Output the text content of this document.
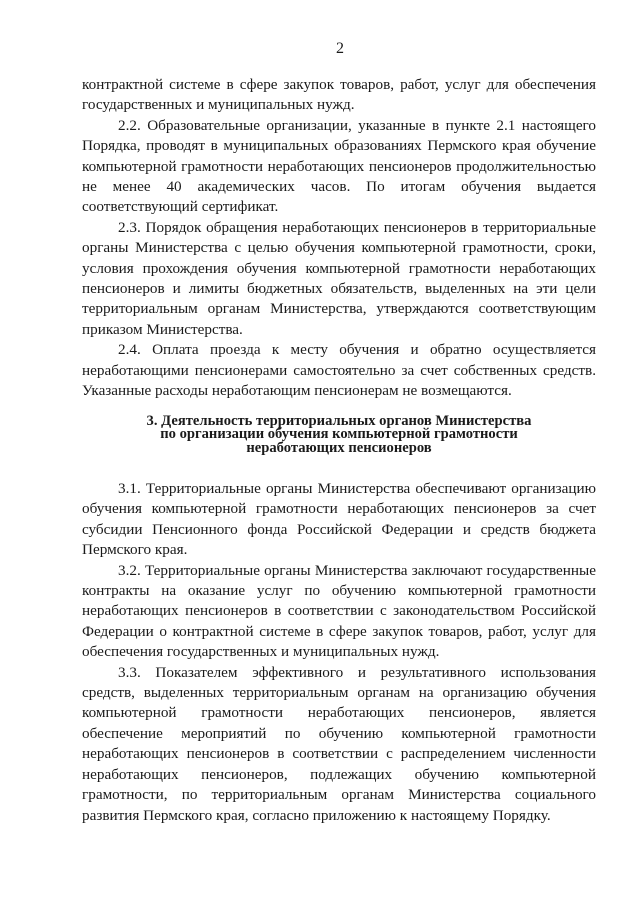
2

контрактной системе в сфере закупок товаров, работ, услуг для обеспечения государственных и муниципальных нужд.

2.2. Образовательные организации, указанные в пункте 2.1 настоящего Порядка, проводят в муниципальных образованиях Пермского края обучение компьютерной грамотности неработающих пенсионеров продолжительностью не менее 40 академических часов. По итогам обучения выдается соответствующий сертификат.

2.3. Порядок обращения неработающих пенсионеров в территориальные органы Министерства с целью обучения компьютерной грамотности, сроки, условия прохождения обучения компьютерной грамотности неработающих пенсионеров и лимиты бюджетных обязательств, выделенных на эти цели территориальным органам Министерства, утверждаются соответствующим приказом Министерства.

2.4. Оплата проезда к месту обучения и обратно осуществляется неработающими пенсионерами самостоятельно за счет собственных средств. Указанные расходы неработающим пенсионерам не возмещаются.

3. Деятельность территориальных органов Министерства
по организации обучения компьютерной грамотности
неработающих пенсионеров

3.1. Территориальные органы Министерства обеспечивают организацию обучения компьютерной грамотности неработающих пенсионеров за счет субсидии Пенсионного фонда Российской Федерации и средств бюджета Пермского края.

3.2. Территориальные органы Министерства заключают государственные контракты на оказание услуг по обучению компьютерной грамотности неработающих пенсионеров в соответствии с законодательством Российской Федерации о контрактной системе в сфере закупок товаров, работ, услуг для обеспечения государственных и муниципальных нужд.

3.3. Показателем эффективного и результативного использования средств, выделенных территориальным органам на организацию обучения компьютерной грамотности неработающих пенсионеров, является обеспечение мероприятий по обучению компьютерной грамотности неработающих пенсионеров в соответствии с распределением численности неработающих пенсионеров, подлежащих обучению компьютерной грамотности, по территориальным органам Министерства социального развития Пермского края, согласно приложению к настоящему Порядку.
